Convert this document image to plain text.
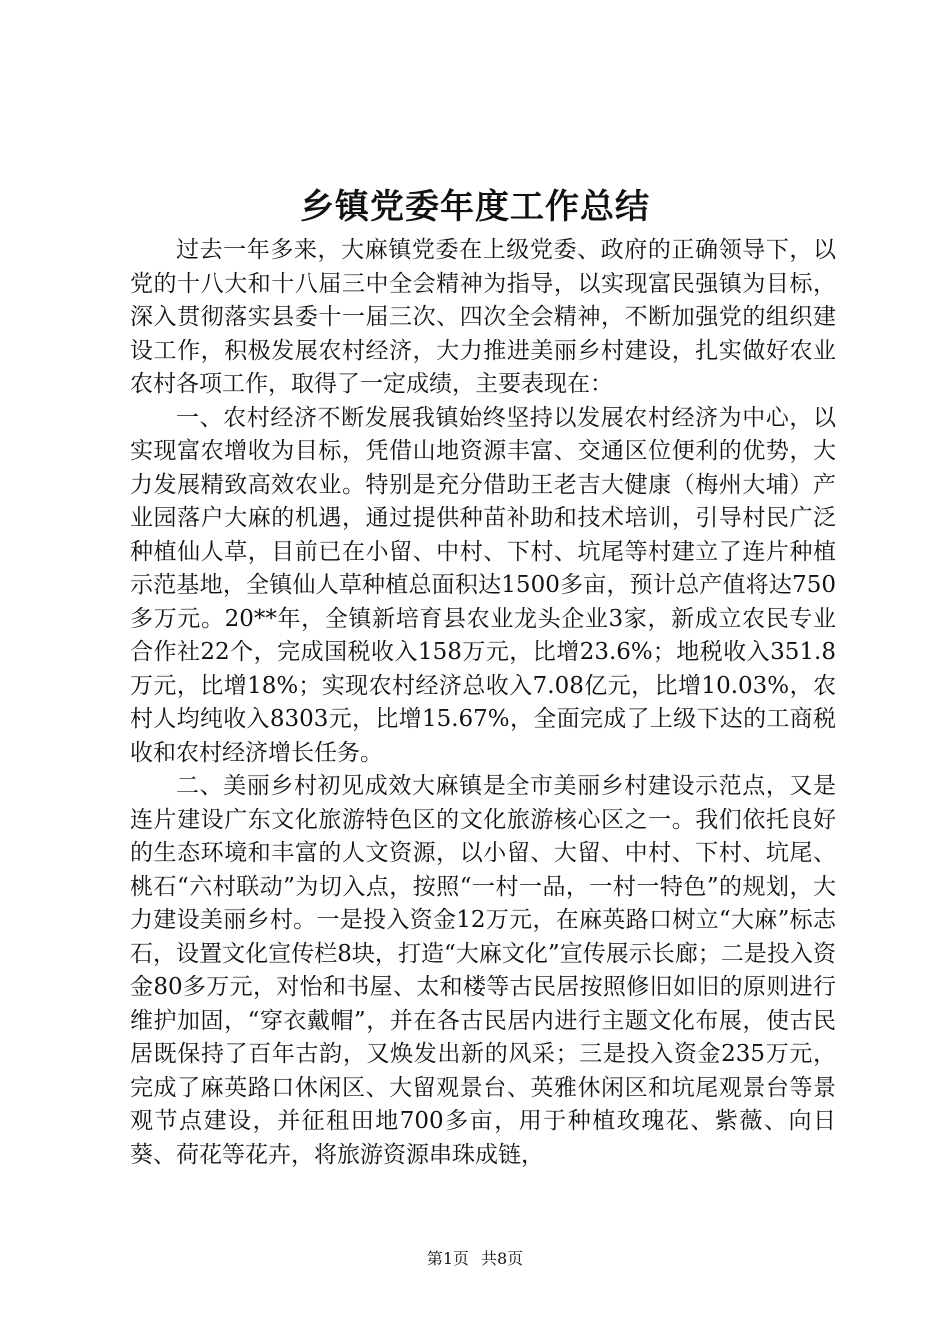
乡镇党委年度工作总结

过去一年多来，大麻镇党委在上级党委、政府的正确领导下，以党的十八大和十八届三中全会精神为指导，以实现富民强镇为目标，深入贯彻落实县委十一届三次、四次全会精神，不断加强党的组织建设工作，积极发展农村经济，大力推进美丽乡村建设，扎实做好农业农村各项工作，取得了一定成绩，主要表现在：

一、农村经济不断发展我镇始终坚持以发展农村经济为中心，以实现富农增收为目标，凭借山地资源丰富、交通区位便利的优势，大力发展精致高效农业。特别是充分借助王老吉大健康（梅州大埔）产业园落户大麻的机遇，通过提供种苗补助和技术培训，引导村民广泛种植仙人草，目前已在小留、中村、下村、坑尾等村建立了连片种植示范基地，全镇仙人草种植总面积达1500多亩，预计总产值将达750多万元。20**年，全镇新培育县农业龙头企业3家，新成立农民专业合作社22个，完成国税收入158万元，比增23.6%；地税收入351.8万元，比增18%；实现农村经济总收入7.08亿元，比增10.03%，农村人均纯收入8303元，比增15.67%，全面完成了上级下达的工商税收和农村经济增长任务。

二、美丽乡村初见成效大麻镇是全市美丽乡村建设示范点，又是连片建设广东文化旅游特色区的文化旅游核心区之一。我们依托良好的生态环境和丰富的人文资源，以小留、大留、中村、下村、坑尾、桃石“六村联动”为切入点，按照“一村一品，一村一特色”的规划，大力建设美丽乡村。一是投入资金12万元，在麻英路口树立“大麻”标志石，设置文化宣传栏8块，打造“大麻文化”宣传展示长廊；二是投入资金80多万元，对怡和书屋、太和楼等古民居按照修旧如旧的原则进行维护加固，“穿衣戴帽”，并在各古民居内进行主题文化布展，使古民居既保持了百年古韵，又焕发出新的风采；三是投入资金235万元，完成了麻英路口休闲区、大留观景台、英雅休闲区和坑尾观景台等景观节点建设，并征租田地700多亩，用于种植玫瑰花、紫薇、向日葵、荷花等花卉，将旅游资源串珠成链，

第1页 共8页
